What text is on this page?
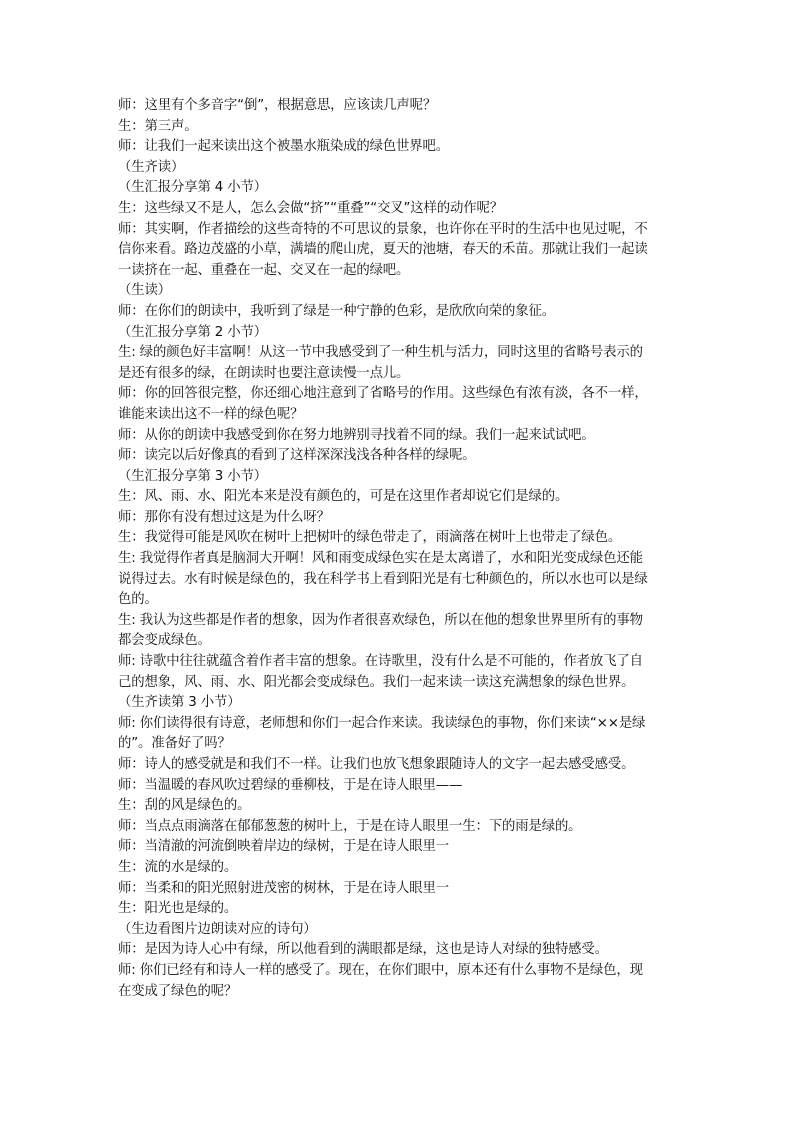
师：这里有个多音字“倒”，根据意思，应该读几声呢？
生：第三声。
师：让我们一起来读出这个被墨水瓶染成的绿色世界吧。
（生齐读）
（生汇报分享第 4 小节）
生：这些绿又不是人，怎么会做“挤”“重叠”“交叉”这样的动作呢？
师：其实啊，作者描绘的这些奇特的不可思议的景象，也许你在平时的生活中也见过呢，不
信你来看。路边茂盛的小草，满墙的爬山虎，夏天的池塘，春天的禾苗。那就让我们一起读
一读挤在一起、重叠在一起、交叉在一起的绿吧。
（生读）
师：在你们的朗读中，我听到了绿是一种宁静的色彩，是欣欣向荣的象征。
（生汇报分享第 2 小节）
生: 绿的颜色好丰富啊！从这一节中我感受到了一种生机与活力，同时这里的省略号表示的
是还有很多的绿，在朗读时也要注意读慢一点儿。
师：你的回答很完整，你还细心地注意到了省略号的作用。这些绿色有浓有淡，各不一样，
谁能来读出这不一样的绿色呢？
师：从你的朗读中我感受到你在努力地辨别寻找着不同的绿。我们一起来试试吧。
师：读完以后好像真的看到了这样深深浅浅各种各样的绿呢。
（生汇报分享第 3 小节）
生：风、雨、水、阳光本来是没有颜色的，可是在这里作者却说它们是绿的。
师：那你有没有想过这是为什么呀？
生：我觉得可能是风吹在树叶上把树叶的绿色带走了，雨滴落在树叶上也带走了绿色。
生: 我觉得作者真是脑洞大开啊！风和雨变成绿色实在是太离谱了，水和阳光变成绿色还能
说得过去。水有时候是绿色的，我在科学书上看到阳光是有七种颜色的，所以水也可以是绿
色的。
生: 我认为这些都是作者的想象，因为作者很喜欢绿色，所以在他的想象世界里所有的事物
都会变成绿色。
师: 诗歌中往往就蕴含着作者丰富的想象。在诗歌里，没有什么是不可能的，作者放飞了自
己的想象，风、雨、水、阳光都会变成绿色。我们一起来读一读这充满想象的绿色世界。
（生齐读第 3 小节）
师: 你们读得很有诗意，老师想和你们一起合作来读。我读绿色的事物，你们来读“××是绿
的”。准备好了吗？
师：诗人的感受就是和我们不一样。让我们也放飞想象跟随诗人的文字一起去感受感受。
师：当温暖的春风吹过碧绿的垂柳枝，于是在诗人眼里——
生：刮的风是绿色的。
师：当点点雨滴落在郁郁葱葱的树叶上，于是在诗人眼里一生：下的雨是绿的。
师：当清澈的河流倒映着岸边的绿树，于是在诗人眼里一
生：流的水是绿的。
师：当柔和的阳光照射进茂密的树林，于是在诗人眼里一
生：阳光也是绿的。
（生边看图片边朗读对应的诗句）
师：是因为诗人心中有绿，所以他看到的满眼都是绿，这也是诗人对绿的独特感受。
师: 你们已经有和诗人一样的感受了。现在，在你们眼中，原本还有什么事物不是绿色，现
在变成了绿色的呢？
